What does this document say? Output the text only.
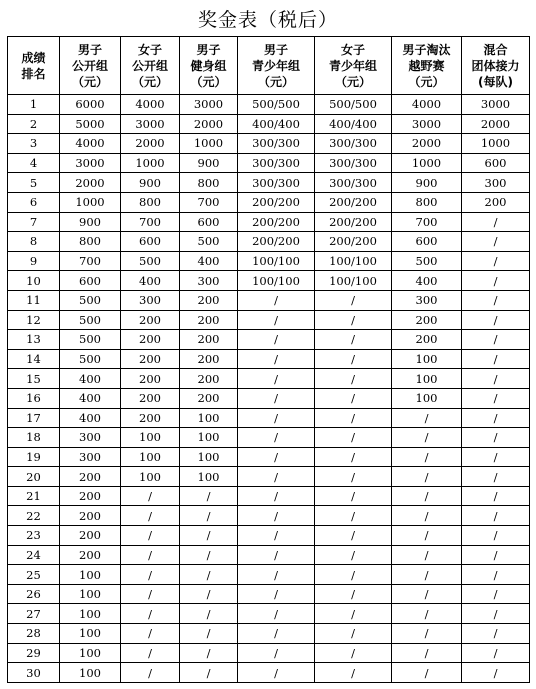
奖金表（税后）
成绩
排名	男子
公开组
（元）	女子
公开组
（元）	男子
健身组
（元）	男子
青少年组
（元）	女子
青少年组
（元）	男子淘汰
越野赛
（元）	混合
团体接力
(每队)

1	6000	4000	3000	500/500	500/500	4000	3000
2	5000	3000	2000	400/400	400/400	3000	2000
3	4000	2000	1000	300/300	300/300	2000	1000
4	3000	1000	900	300/300	300/300	1000	600
5	2000	900	800	300/300	300/300	900	300
6	1000	800	700	200/200	200/200	800	200
7	900	700	600	200/200	200/200	700	/
8	800	600	500	200/200	200/200	600	/
9	700	500	400	100/100	100/100	500	/
10	600	400	300	100/100	100/100	400	/
11	500	300	200	/	/	300	/
12	500	200	200	/	/	200	/
13	500	200	200	/	/	200	/
14	500	200	200	/	/	100	/
15	400	200	200	/	/	100	/
16	400	200	200	/	/	100	/
17	400	200	100	/	/	/	/
18	300	100	100	/	/	/	/
19	300	100	100	/	/	/	/
20	200	100	100	/	/	/	/
21	200	/	/	/	/	/	/
22	200	/	/	/	/	/	/
23	200	/	/	/	/	/	/
24	200	/	/	/	/	/	/
25	100	/	/	/	/	/	/
26	100	/	/	/	/	/	/
27	100	/	/	/	/	/	/
28	100	/	/	/	/	/	/
29	100	/	/	/	/	/	/
30	100	/	/	/	/	/	/
